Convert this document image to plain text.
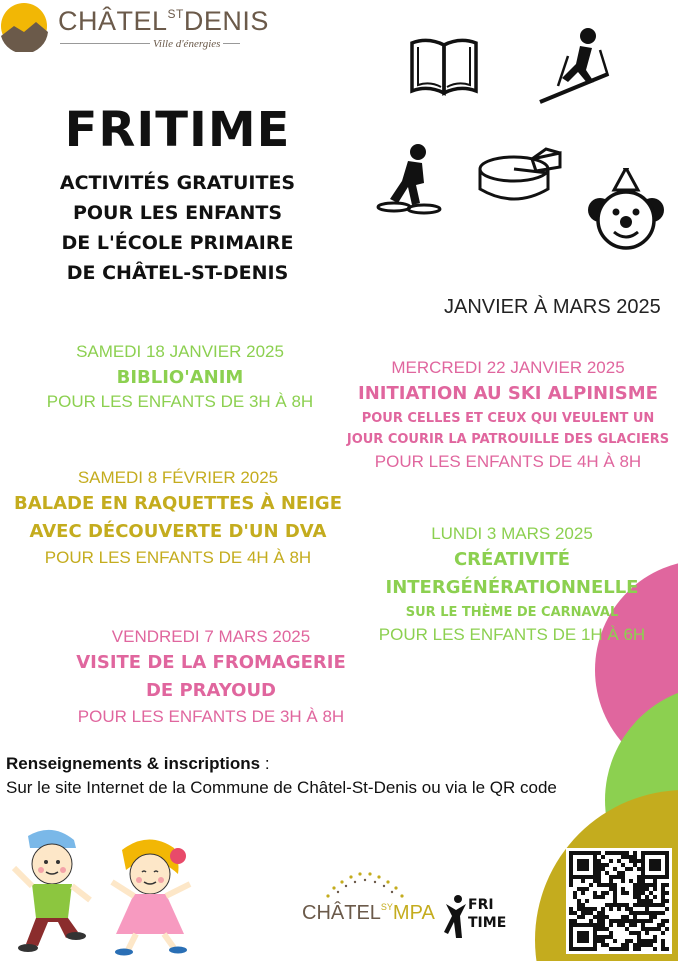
$CHÂTEL^{ST}DENIS$
Ville d'énergies
FRITIME
ACTIVITÉS GRATUITES
POUR LES ENFANTS
DE L'ÉCOLE PRIMAIRE
DE CHÂTEL-ST-DENIS
JANVIER À MARS 2025
SAMEDI 18 JANVIER 2025
BIBLIO'ANIM
POUR LES ENFANTS DE 3H À 8H
MERCREDI 22 JANVIER 2025
INITIATION AU SKI ALPINISME
POUR CELLES ET CEUX QUI VEULENT UN
JOUR COURIR LA PATROUILLE DES GLACIERS
POUR LES ENFANTS DE 4H À 8H
SAMEDI 8 FÉVRIER 2025
BALADE EN RAQUETTES À NEIGE
AVEC DÉCOUVERTE D'UN DVA
POUR LES ENFANTS DE 4H À 8H
LUNDI 3 MARS 2025
CRÉATIVITÉ
INTERGÉNÉRATIONNELLE
SUR LE THÈME DE CARNAVAL
POUR LES ENFANTS DE 1H À 6H
VENDREDI 7 MARS 2025
VISITE DE LA FROMAGERIE
DE PRAYOUD
POUR LES ENFANTS DE 3H À 8H
Renseignements & inscriptions :
Sur le site Internet de la Commune de Châtel-St-Denis ou via le QR code
$CHÂTEL^{SY}MPA$ FRI
TIME
